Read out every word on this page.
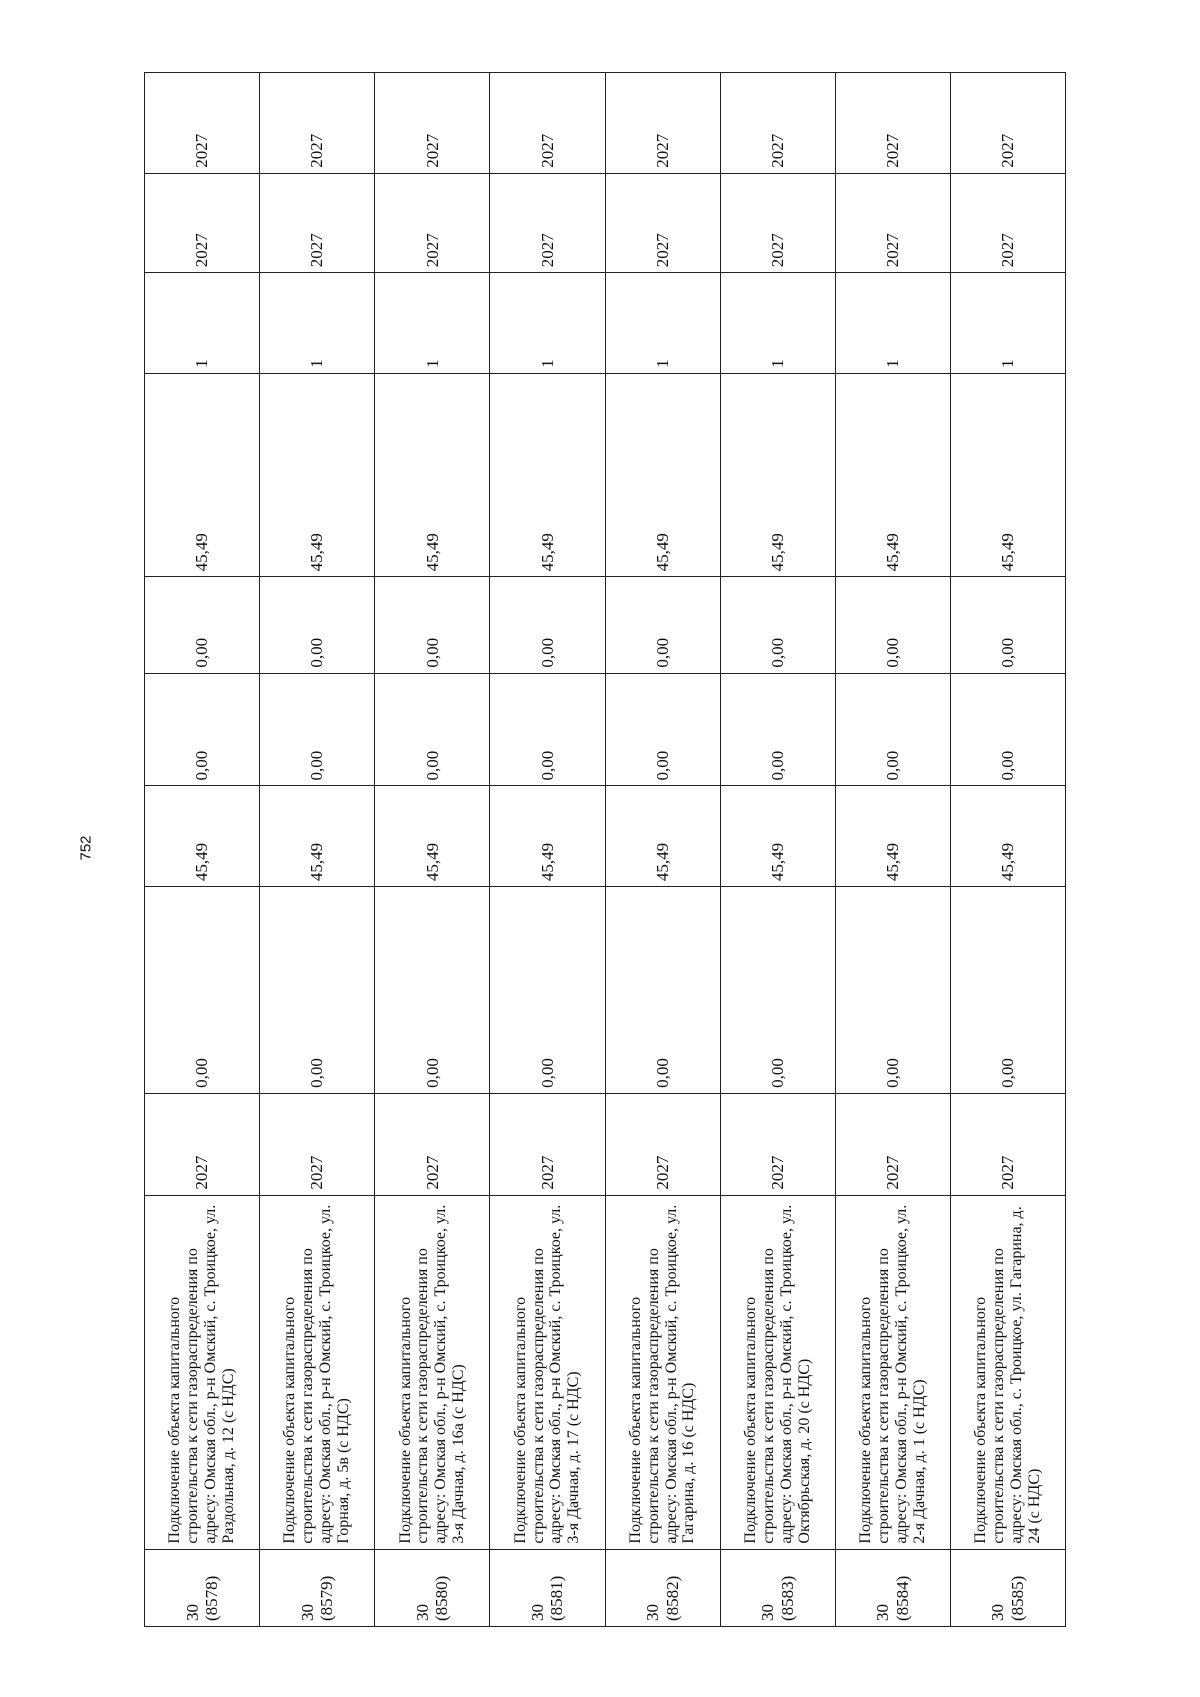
752
30 (8578)	Подключение объекта капитального строительства к сети газораспределения по адресу: Омская обл., р-н Омский, с. Троицкое, ул. Раздольная, д. 12 (с НДС)	2027	0,00	45,49	0,00	0,00	45,49	1	2027	2027

30 (8579)	Подключение объекта капитального строительства к сети газораспределения по адресу: Омская обл., р-н Омский, с. Троицкое, ул. Горная, д. 5в (с НДС)	2027	0,00	45,49	0,00	0,00	45,49	1	2027	2027

30 (8580)	Подключение объекта капитального строительства к сети газораспределения по адресу: Омская обл., р-н Омский, с. Троицкое, ул. 3-я Дачная, д. 16а (с НДС)	2027	0,00	45,49	0,00	0,00	45,49	1	2027	2027

30 (8581)	Подключение объекта капитального строительства к сети газораспределения по адресу: Омская обл., р-н Омский, с. Троицкое, ул. 3-я Дачная, д. 17 (с НДС)	2027	0,00	45,49	0,00	0,00	45,49	1	2027	2027

30 (8582)	Подключение объекта капитального строительства к сети газораспределения по адресу: Омская обл., р-н Омский, с. Троицкое, ул. Гагарина, д. 16 (с НДС)	2027	0,00	45,49	0,00	0,00	45,49	1	2027	2027

30 (8583)	Подключение объекта капитального строительства к сети газораспределения по адресу: Омская обл., р-н Омский, с. Троицкое, ул. Октябрьская, д. 20 (с НДС)	2027	0,00	45,49	0,00	0,00	45,49	1	2027	2027

30 (8584)	Подключение объекта капитального строительства к сети газораспределения по адресу: Омская обл., р-н Омский, с. Троицкое, ул. 2-я Дачная, д. 1 (с НДС)	2027	0,00	45,49	0,00	0,00	45,49	1	2027	2027

30 (8585)	Подключение объекта капитального строительства к сети газораспределения по адресу: Омская обл., с. Троицкое, ул. Гагарина, д. 24 (с НДС)	2027	0,00	45,49	0,00	0,00	45,49	1	2027	2027
